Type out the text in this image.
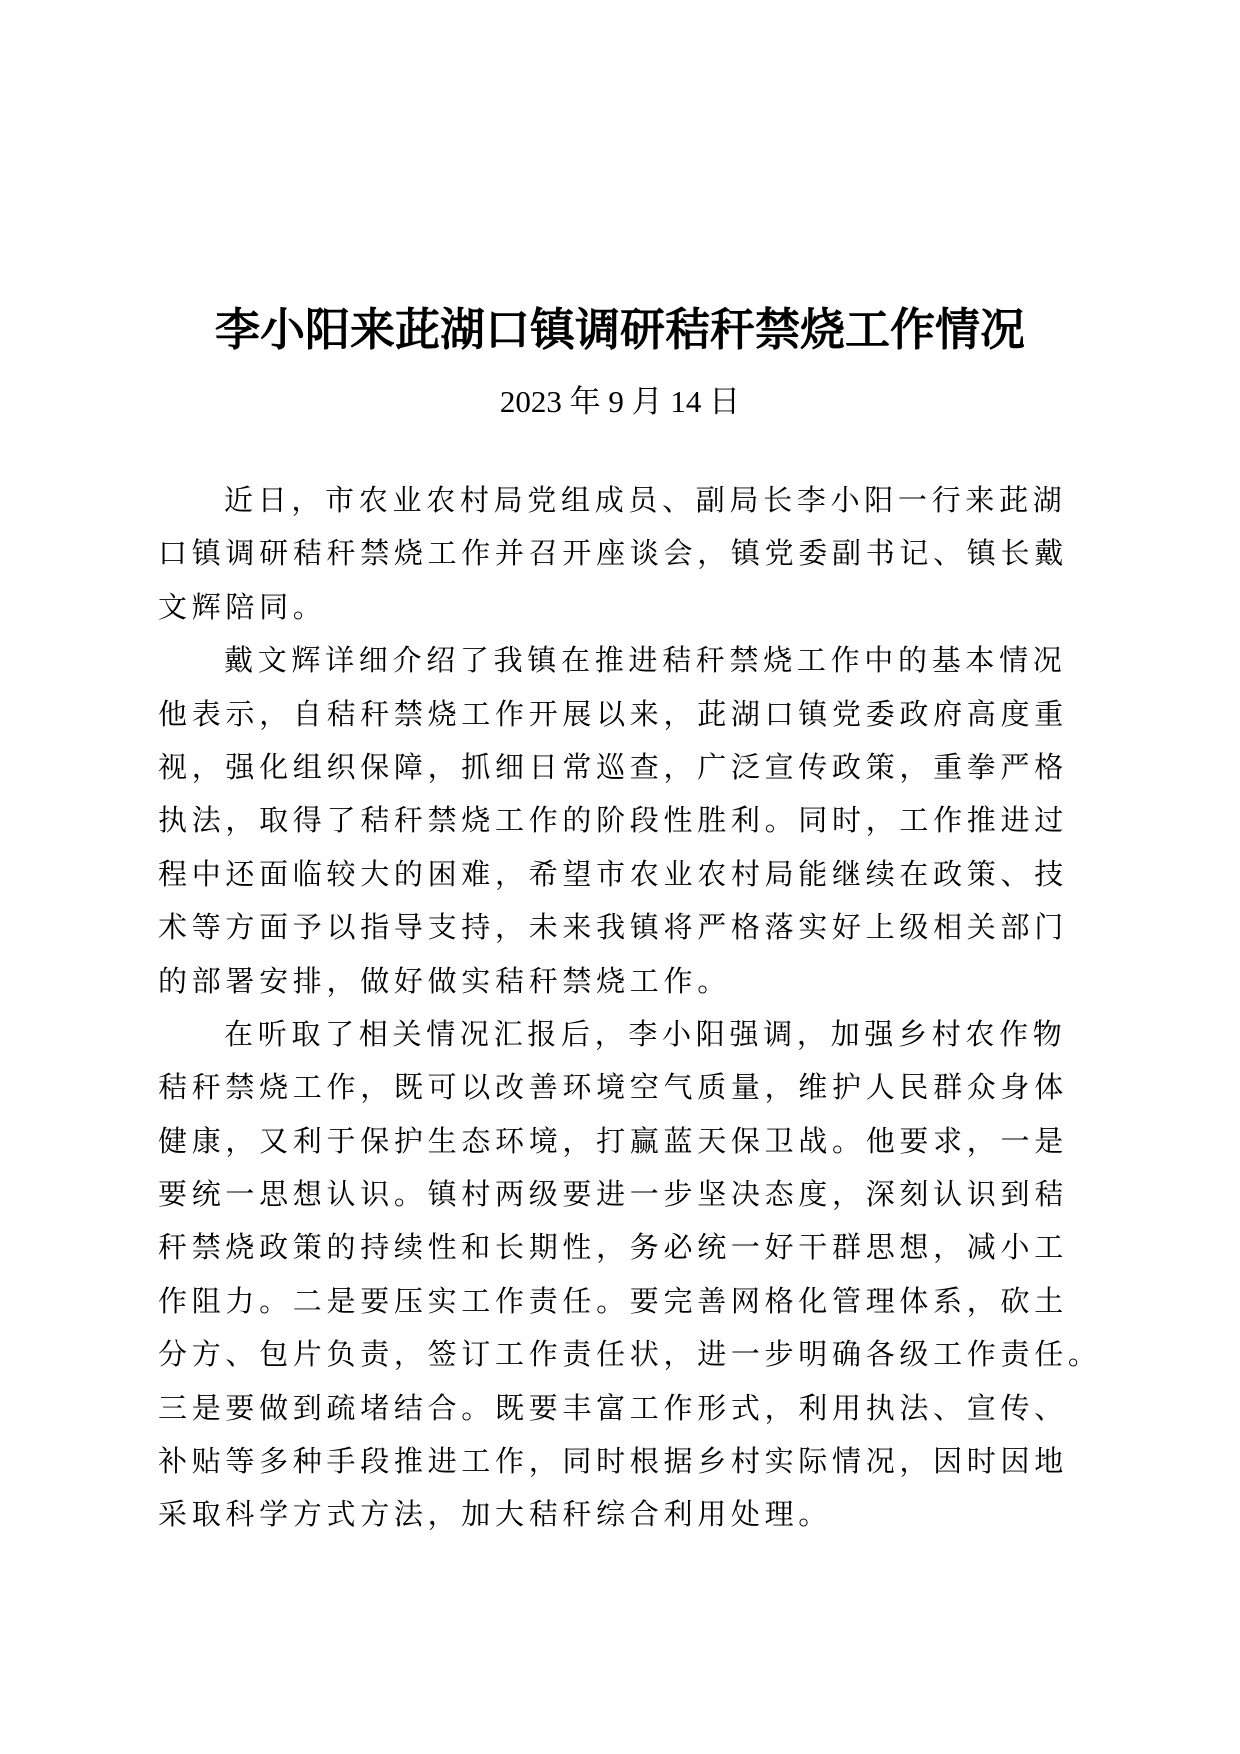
李小阳来茈湖口镇调研秸秆禁烧工作情况
2023 年 9 月 14 日
近日，市农业农村局党组成员、副局长李小阳一行来茈湖
口镇调研秸秆禁烧工作并召开座谈会，镇党委副书记、镇长戴
文辉陪同。
戴文辉详细介绍了我镇在推进秸秆禁烧工作中的基本情况
他表示，自秸秆禁烧工作开展以来，茈湖口镇党委政府高度重
视，强化组织保障，抓细日常巡查，广泛宣传政策，重拳严格
执法，取得了秸秆禁烧工作的阶段性胜利。同时，工作推进过
程中还面临较大的困难，希望市农业农村局能继续在政策、技
术等方面予以指导支持，未来我镇将严格落实好上级相关部门
的部署安排，做好做实秸秆禁烧工作。
在听取了相关情况汇报后，李小阳强调，加强乡村农作物
秸秆禁烧工作，既可以改善环境空气质量，维护人民群众身体
健康，又利于保护生态环境，打赢蓝天保卫战。他要求，一是
要统一思想认识。镇村两级要进一步坚决态度，深刻认识到秸
秆禁烧政策的持续性和长期性，务必统一好干群思想，减小工
作阻力。二是要压实工作责任。要完善网格化管理体系，砍土
分方、包片负责，签订工作责任状，进一步明确各级工作责任。
三是要做到疏堵结合。既要丰富工作形式，利用执法、宣传、
补贴等多种手段推进工作，同时根据乡村实际情况，因时因地
采取科学方式方法，加大秸秆综合利用处理。
